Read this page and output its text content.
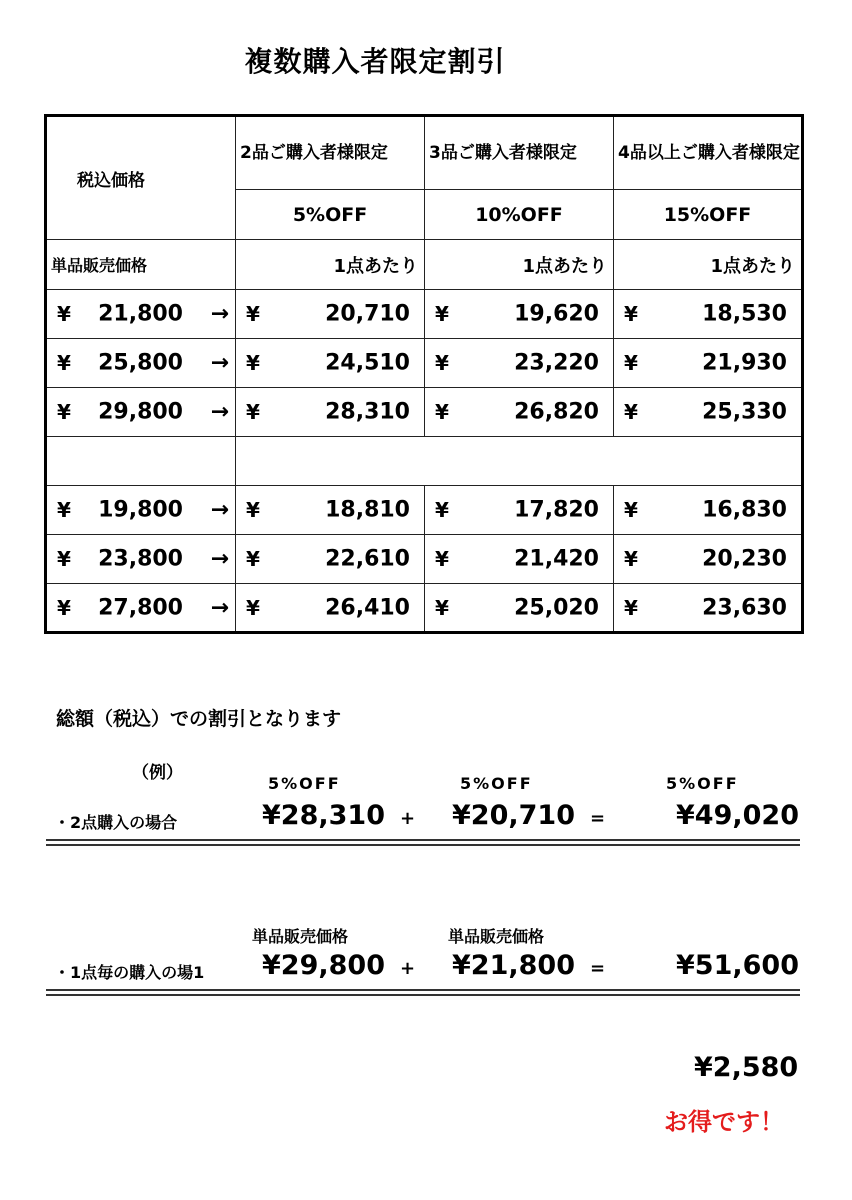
複数購入者限定割引
税込価格	2品ご購入者様限定	3品ご購入者様限定	4品以上ご購入者様限定
	5%OFF	10%OFF	15%OFF
単品販売価格	1点あたり	1点あたり	1点あたり

¥ 21,800 →	¥ 20,710	¥ 19,620	¥ 18,530

¥ 25,800 →	¥ 24,510	¥ 23,220	¥ 21,930

¥ 29,800 →	¥ 28,310	¥ 26,820	¥ 25,330

¥ 19,800 →	¥ 18,810	¥ 17,820	¥ 16,830

¥ 23,800 →	¥ 22,610	¥ 21,420	¥ 20,230

¥ 27,800 →	¥ 26,410	¥ 25,020	¥ 23,630
総額（税込）での割引となります
（例）
5%OFF	5%OFF	5%OFF
・2点購入の場合	¥28,310 + ¥20,710 =	¥49,020
単品販売価格	単品販売価格
・1点毎の購入の場1 ¥29,800 + ¥21,800 =	¥51,600
¥2,580
お得です！
